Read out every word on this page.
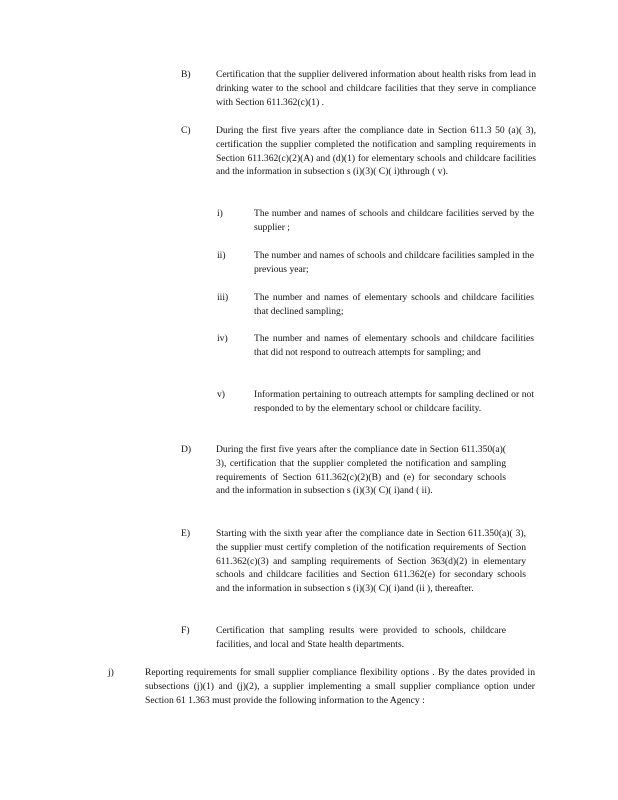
B)	Certification that the supplier delivered information about health risks from lead in drinking water to the school and childcare facilities that they serve in compliance with Section 611.362(c)(1) .
C)	During the first five years after the compliance date in Section 611.3 50 (a)( 3), certification the supplier completed the notification and sampling requirements in Section 611.362(c)(2)(A) and (d)(1) for elementary schools and childcare facilities and the information in subsection s (i)(3)( C)( i)through ( v).
i)	The number and names of schools and childcare facilities served by the supplier ;
ii)	The number and names of schools and childcare facilities sampled in the previous year;
iii)	The number and names of elementary schools and childcare facilities that declined sampling;
iv)	The number and names of elementary schools and childcare facilities that did not respond to outreach attempts for sampling; and
v)	Information pertaining to outreach attempts for sampling declined or not responded to by the elementary school or childcare facility.
D)	During the first five years after the compliance date in Section 611.350(a)( 3), certification that the supplier completed the notification and sampling requirements of Section 611.362(c)(2)(B) and (e) for secondary schools and the information in subsection s (i)(3)( C)( i)and ( ii).
E)	Starting with the sixth year after the compliance date in Section 611.350(a)( 3), the supplier must certify completion of the notification requirements of Section 611.362(c)(3) and sampling requirements of Section 363(d)(2) in elementary schools and childcare facilities and Section 611.362(e) for secondary schools and the information in subsection s (i)(3)( C)( i)and (ii ), thereafter.
F)	Certification that sampling results were provided to schools, childcare facilities, and local and State health departments.
j)	Reporting requirements for small supplier compliance flexibility options . By the dates provided in subsections (j)(1) and (j)(2), a supplier implementing a small supplier compliance option under Section 61 1.363 must provide the following information to the Agency :
